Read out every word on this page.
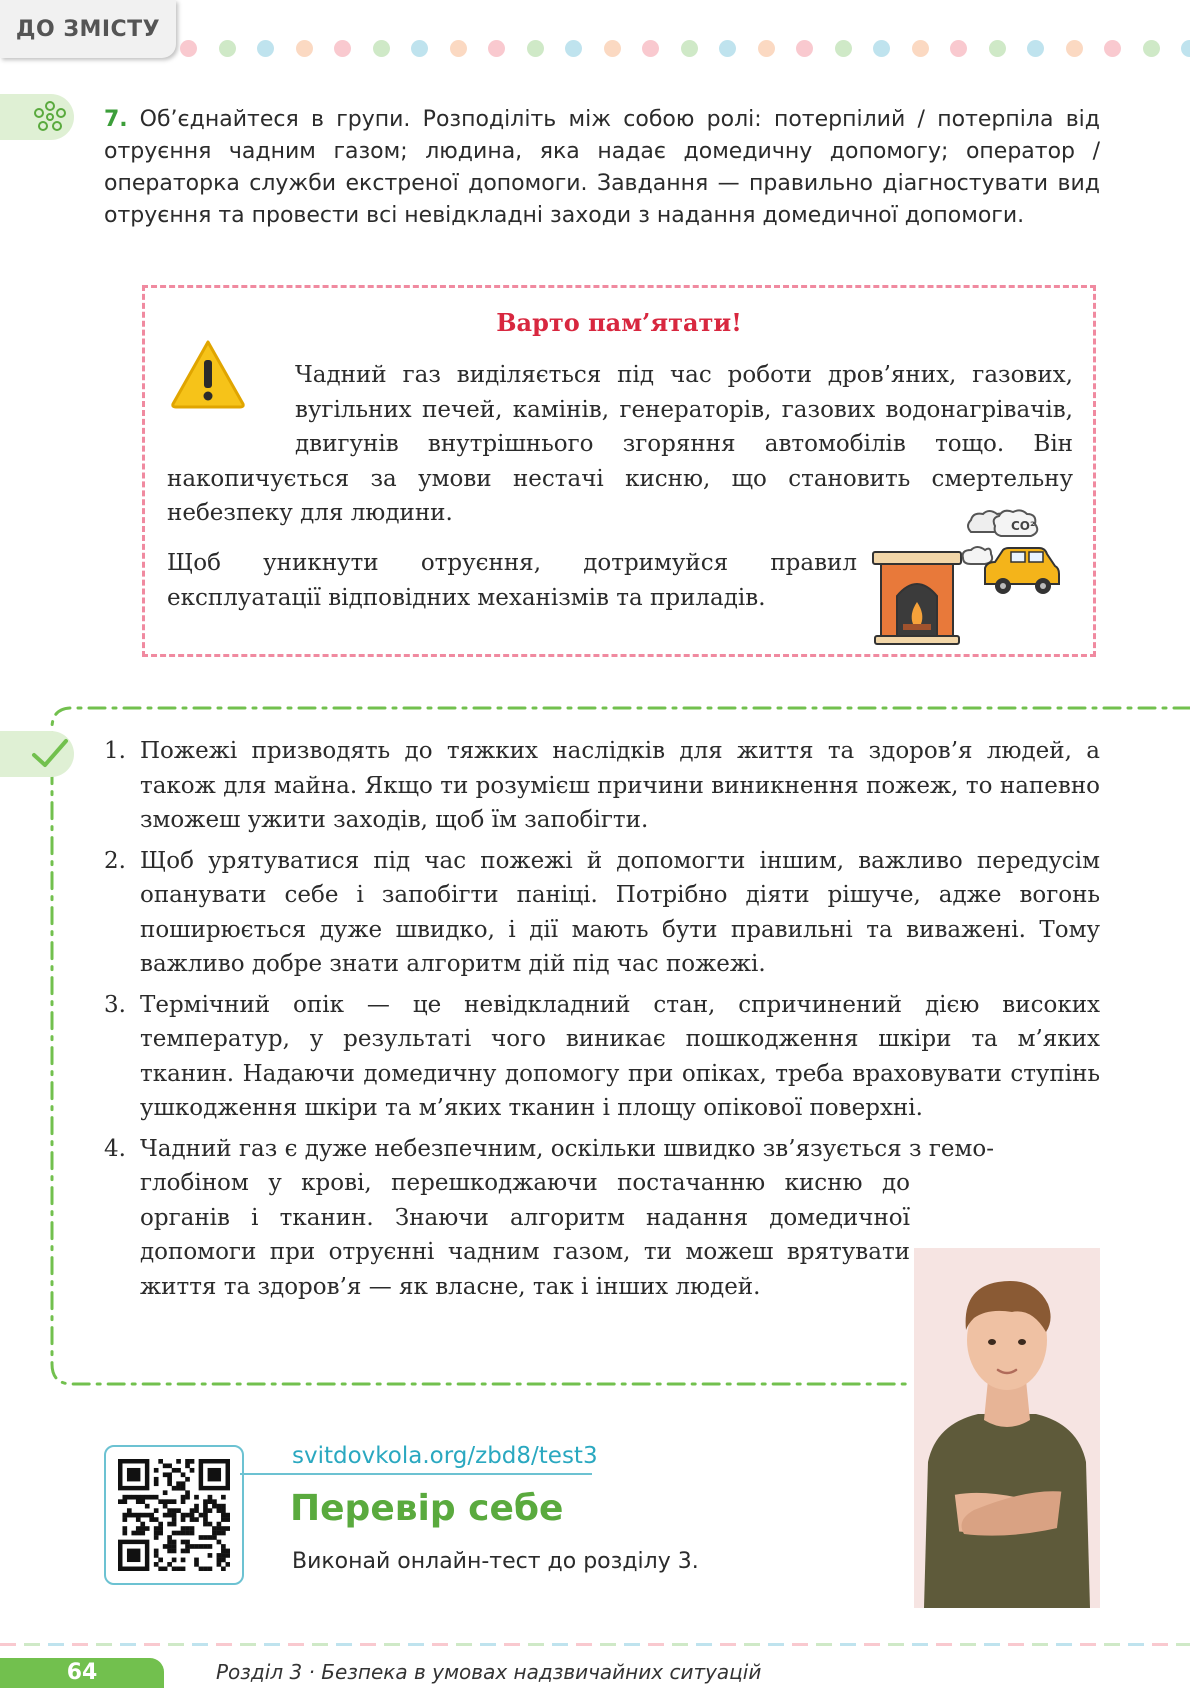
ДО ЗМІСТУ
7. Об’єднайтеся в групи. Розподіліть між собою ролі: потерпілий / потерпіла від отруєння чадним газом; людина, яка надає домедичну допомогу; оператор / операторка служби екстреної допомоги. Завдання — правильно діагностувати вид отруєння та провести всі невідкладні заходи з надання домедичної допомоги.
Варто пам’ятати!
Чадний газ виділяється під час роботи дров’яних, газових, вугільних печей, камінів, генераторів, газових водонагрівачів, двигунів внутрішнього згоряння автомобілів тощо. Він накопичується за умови нестачі кисню, що становить смертельну небезпеку для людини.
Щоб уникнути отруєння, дотримуйся правил експлуатації відповідних механізмів та приладів.
CO²
1. Пожежі призводять до тяжких наслідків для життя та здоров’я людей, а також для майна. Якщо ти розумієш причини виникнення пожеж, то напевно зможеш ужити заходів, щоб їм запобігти.
2. Щоб урятуватися під час пожежі й допомогти іншим, важливо передусім опанувати себе і запобігти паніці. Потрібно діяти рішуче, адже вогонь поширюється дуже швидко, і дії мають бути правильні та виважені. Тому важливо добре знати алгоритм дій під час пожежі.
3. Термічний опік — це невідкладний стан, спричинений дією високих температур, у результаті чого виникає пошкодження шкіри та м’яких тканин. Надаючи домедичну допомогу при опіках, треба враховувати ступінь ушкодження шкіри та м’яких тканин і площу опікової поверхні.
4. Чадний газ є дуже небезпечним, оскільки швидко зв’язується з гемо-
глобіном у крові, перешкоджаючи постачанню кисню до органів і тканин. Знаючи алгоритм надання домедичної допомоги при отруєнні чадним газом, ти можеш врятувати життя та здоров’я — як власне, так і інших людей.
svitdovkola.org/zbd8/test3
Перевір себе
Виконай онлайн-тест до розділу 3.
64	Розділ 3 · Безпека в умовах надзвичайних ситуацій
